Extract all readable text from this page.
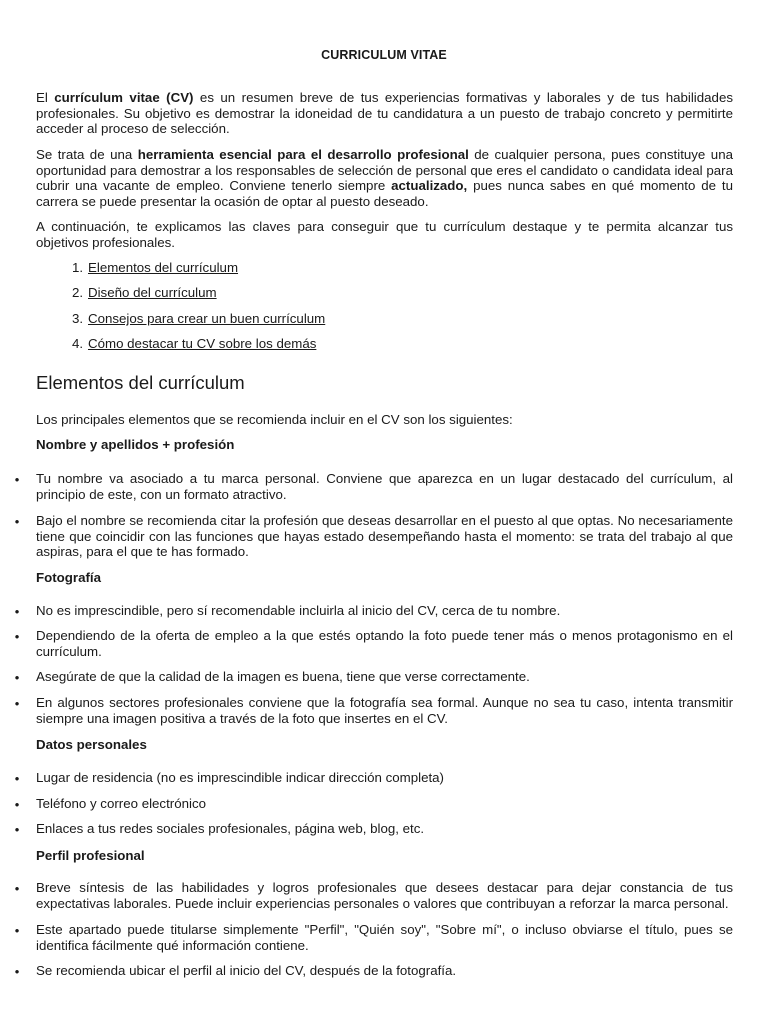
CURRICULUM VITAE
El currículum vitae (CV) es un resumen breve de tus experiencias formativas y laborales y de tus habilidades profesionales. Su objetivo es demostrar la idoneidad de tu candidatura a un puesto de trabajo concreto y permitirte acceder al proceso de selección.
Se trata de una herramienta esencial para el desarrollo profesional de cualquier persona, pues constituye una oportunidad para demostrar a los responsables de selección de personal que eres el candidato o candidata ideal para cubrir una vacante de empleo. Conviene tenerlo siempre actualizado, pues nunca sabes en qué momento de tu carrera se puede presentar la ocasión de optar al puesto deseado.
A continuación, te explicamos las claves para conseguir que tu currículum destaque y te permita alcanzar tus objetivos profesionales.
1. Elementos del currículum
2. Diseño del currículum
3. Consejos para crear un buen currículum
4. Cómo destacar tu CV sobre los demás
Elementos del currículum
Los principales elementos que se recomienda incluir en el CV son los siguientes:
Nombre y apellidos + profesión
•	Tu nombre va asociado a tu marca personal. Conviene que aparezca en un lugar destacado del currículum, al principio de este, con un formato atractivo.
•	Bajo el nombre se recomienda citar la profesión que deseas desarrollar en el puesto al que optas. No necesariamente tiene que coincidir con las funciones que hayas estado desempeñando hasta el momento: se trata del trabajo al que aspiras, para el que te has formado.
Fotografía
•	No es imprescindible, pero sí recomendable incluirla al inicio del CV, cerca de tu nombre.
•	Dependiendo de la oferta de empleo a la que estés optando la foto puede tener más o menos protagonismo en el currículum.
•	Asegúrate de que la calidad de la imagen es buena, tiene que verse correctamente.
•	En algunos sectores profesionales conviene que la fotografía sea formal. Aunque no sea tu caso, intenta transmitir siempre una imagen positiva a través de la foto que insertes en el CV.
Datos personales
•	Lugar de residencia (no es imprescindible indicar dirección completa)
•	Teléfono y correo electrónico
•	Enlaces a tus redes sociales profesionales, página web, blog, etc.
Perfil profesional
•	Breve síntesis de las habilidades y logros profesionales que desees destacar para dejar constancia de tus expectativas laborales. Puede incluir experiencias personales o valores que contribuyan a reforzar la marca personal.
•	Este apartado puede titularse simplemente "Perfil", "Quién soy", "Sobre mí", o incluso obviarse el título, pues se identifica fácilmente qué información contiene.
•	Se recomienda ubicar el perfil al inicio del CV, después de la fotografía.
